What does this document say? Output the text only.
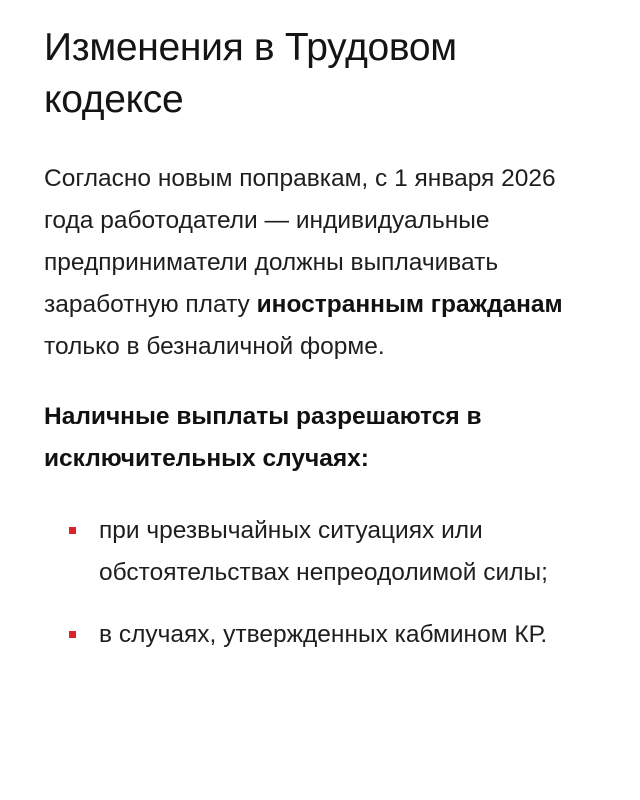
Изменения в Трудовом кодексе

Согласно новым поправкам, с 1 января 2026 года работодатели — индивидуальные предприниматели должны выплачивать заработную плату иностранным гражданам только в безналичной форме.

Наличные выплаты разрешаются в исключительных случаях:

при чрезвычайных ситуациях или обстоятельствах непреодолимой силы;
в случаях, утвержденных кабмином КР.
